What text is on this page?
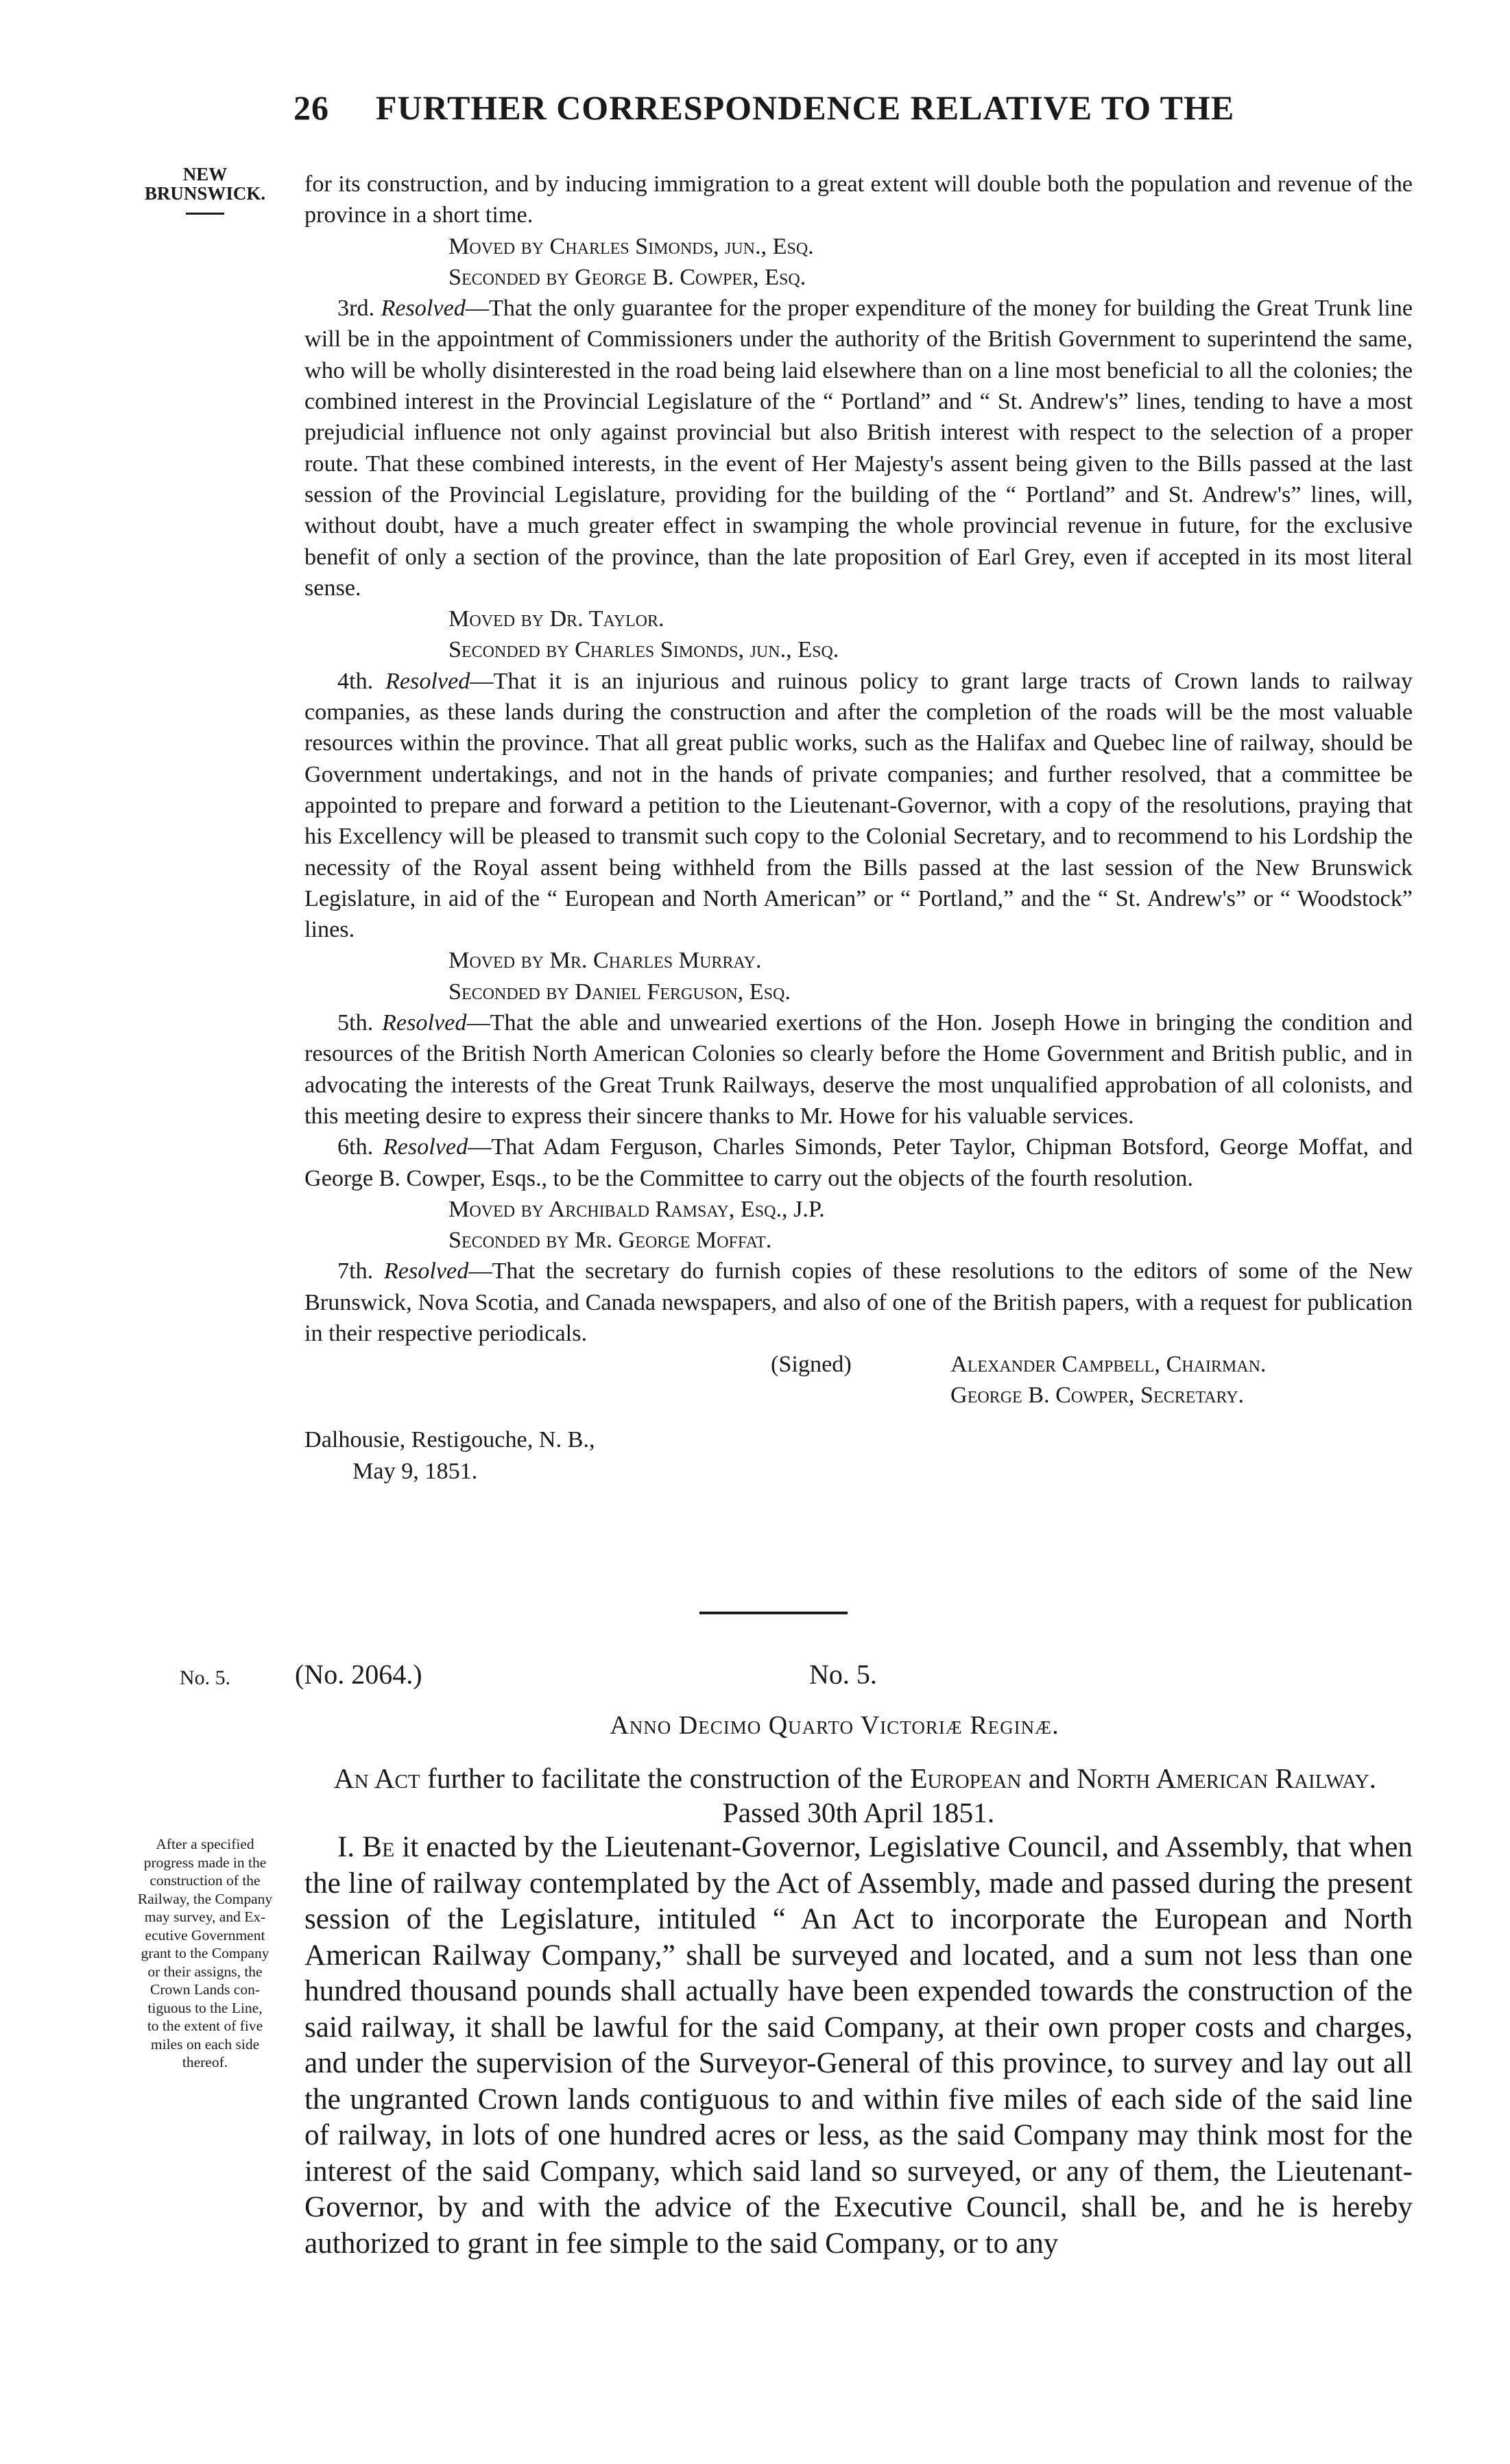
26 FURTHER CORRESPONDENCE RELATIVE TO THE
NEW
BRUNSWICK.	for its construction, and by inducing immigration to a great extent will double both the population and revenue of the province in a short time.

Moved by Charles Simonds, jun., Esq.

Seconded by George B. Cowper, Esq.

3rd. Resolved—That the only guarantee for the proper expenditure of the money for building the Great Trunk line will be in the appointment of Commissioners under the authority of the British Government to superintend the same, who will be wholly disinterested in the road being laid elsewhere than on a line most beneficial to all the colonies; the combined interest in the Provincial Legislature of the “ Portland” and “ St. Andrew's” lines, tending to have a most prejudicial influence not only against provincial but also British interest with respect to the selection of a proper route. That these combined interests, in the event of Her Majesty's assent being given to the Bills passed at the last session of the Provincial Legislature, providing for the building of the “ Portland” and St. Andrew's” lines, will, without doubt, have a much greater effect in swamping the whole provincial revenue in future, for the exclusive benefit of only a section of the province, than the late proposition of Earl Grey, even if accepted in its most literal sense.

Moved by Dr. Taylor.

Seconded by Charles Simonds, jun., Esq.

4th. Resolved—That it is an injurious and ruinous policy to grant large tracts of Crown lands to railway companies, as these lands during the construction and after the completion of the roads will be the most valuable resources within the province. That all great public works, such as the Halifax and Quebec line of railway, should be Government undertakings, and not in the hands of private companies; and further resolved, that a committee be appointed to prepare and forward a petition to the Lieutenant-Governor, with a copy of the resolutions, praying that his Excellency will be pleased to transmit such copy to the Colonial Secretary, and to recommend to his Lordship the necessity of the Royal assent being withheld from the Bills passed at the last session of the New Brunswick Legislature, in aid of the “ European and North American” or “ Portland,” and the “ St. Andrew's” or “ Woodstock” lines.

Moved by Mr. Charles Murray.

Seconded by Daniel Ferguson, Esq.

5th. Resolved—That the able and unwearied exertions of the Hon. Joseph Howe in bringing the condition and resources of the British North American Colonies so clearly before the Home Government and British public, and in advocating the interests of the Great Trunk Railways, deserve the most unqualified approbation of all colonists, and this meeting desire to express their sincere thanks to Mr. Howe for his valuable services.

6th. Resolved—That Adam Ferguson, Charles Simonds, Peter Taylor, Chipman Botsford, George Moffat, and George B. Cowper, Esqs., to be the Committee to carry out the objects of the fourth resolution.

Moved by Archibald Ramsay, Esq., J.P.

Seconded by Mr. George Moffat.

7th. Resolved—That the secretary do furnish copies of these resolutions to the editors of some of the New Brunswick, Nova Scotia, and Canada newspapers, and also of one of the British papers, with a request for publication in their respective periodicals.

(Signed)	Alexander Campbell, Chairman.
George B. Cowper, Secretary.

Dalhousie, Restigouche, N. B.,

May 9, 1851.

No. 5.	(No. 2064.)	No. 5.
Anno Decimo Quarto Victoriæ Reginæ.
An Act further to facilitate the construction of the European and North American Railway.  Passed 30th April 1851.
After a specified
progress made in the
construction of the
Railway, the Company
may survey, and Ex-
ecutive Government
grant to the Company
or their assigns, the
Crown Lands con-
tiguous to the Line,
to the extent of five
miles on each side
thereof.

I. Be it enacted by the Lieutenant-Governor, Legislative Council, and Assembly, that when the line of railway contemplated by the Act of Assembly, made and passed during the present session of the Legislature, intituled “ An Act to incorporate the European and North American Railway Company,” shall be surveyed and located, and a sum not less than one hundred thousand pounds shall actually have been expended towards the construction of the said railway, it shall be lawful for the said Company, at their own proper costs and charges, and under the supervision of the Surveyor-General of this province, to survey and lay out all the ungranted Crown lands contiguous to and within five miles of each side of the said line of railway, in lots of one hundred acres or less, as the said Company may think most for the interest of the said Company, which said land so surveyed, or any of them, the Lieutenant-Governor, by and with the advice of the Executive Council, shall be, and he is hereby authorized to grant in fee simple to the said Company, or to any
